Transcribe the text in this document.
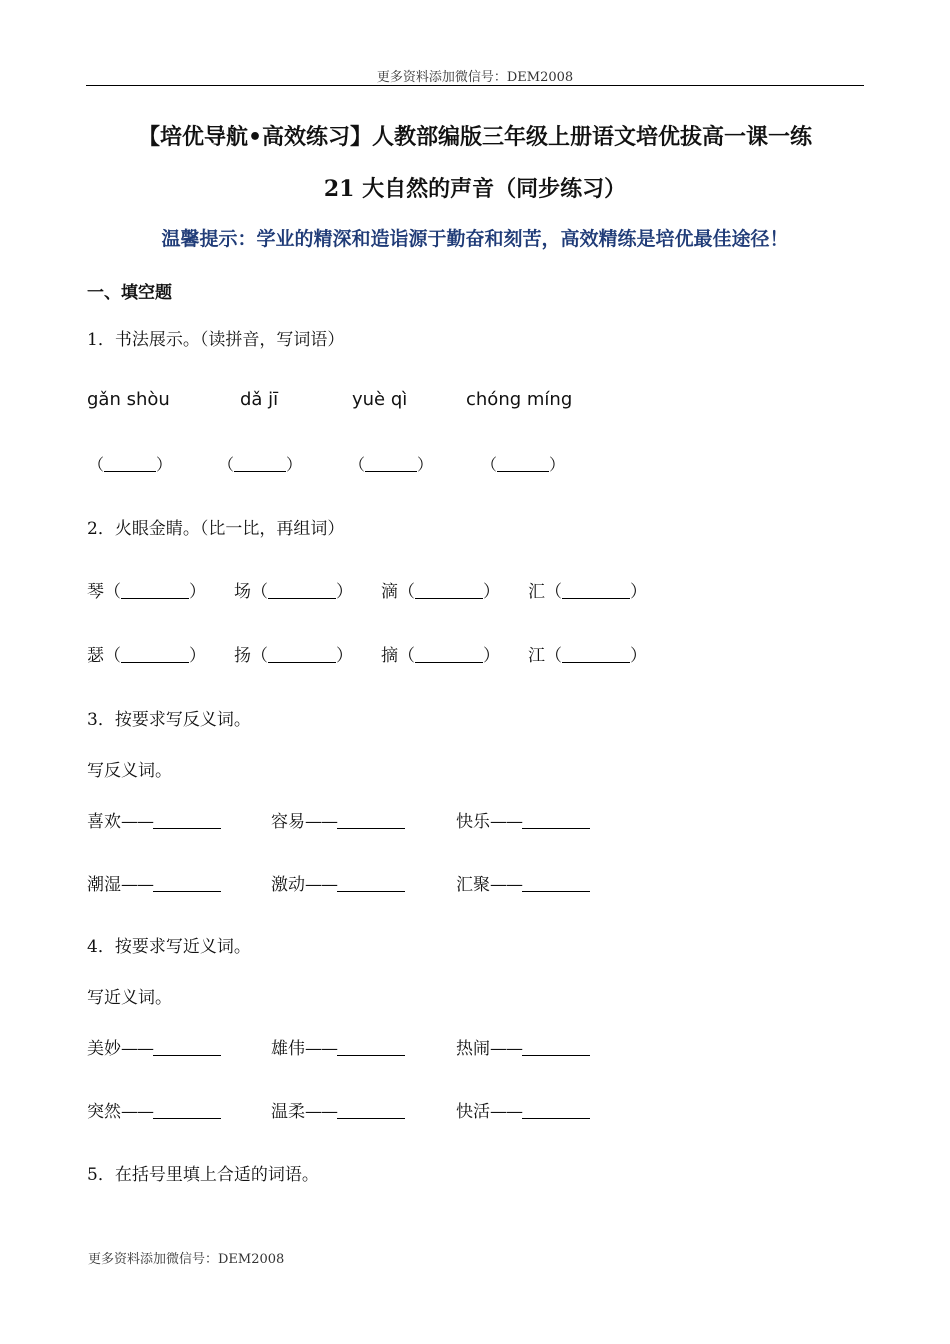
更多资料添加微信号：DEM2008
【培优导航•高效练习】人教部编版三年级上册语文培优拔高一课一练
21 大自然的声音（同步练习）
温馨提示：学业的精深和造诣源于勤奋和刻苦，高效精练是培优最佳途径！
一、填空题
1．书法展示。（读拼音，写词语）
gǎn shòu	dǎ jī	yuè qì	chóng míng
（	）	（	）	（	）	（	）
2．火眼金睛。（比一比，再组词）
琴（	） 场（	） 滴（	） 汇（	）
瑟（	） 扬（	） 摘（	） 江（	）
3．按要求写反义词。
写反义词。
喜欢——	容易——	快乐——
潮湿——	激动——	汇聚——
4．按要求写近义词。
写近义词。
美妙——	雄伟——	热闹——
突然——	温柔——	快活——
5．在括号里填上合适的词语。
更多资料添加微信号：DEM2008
